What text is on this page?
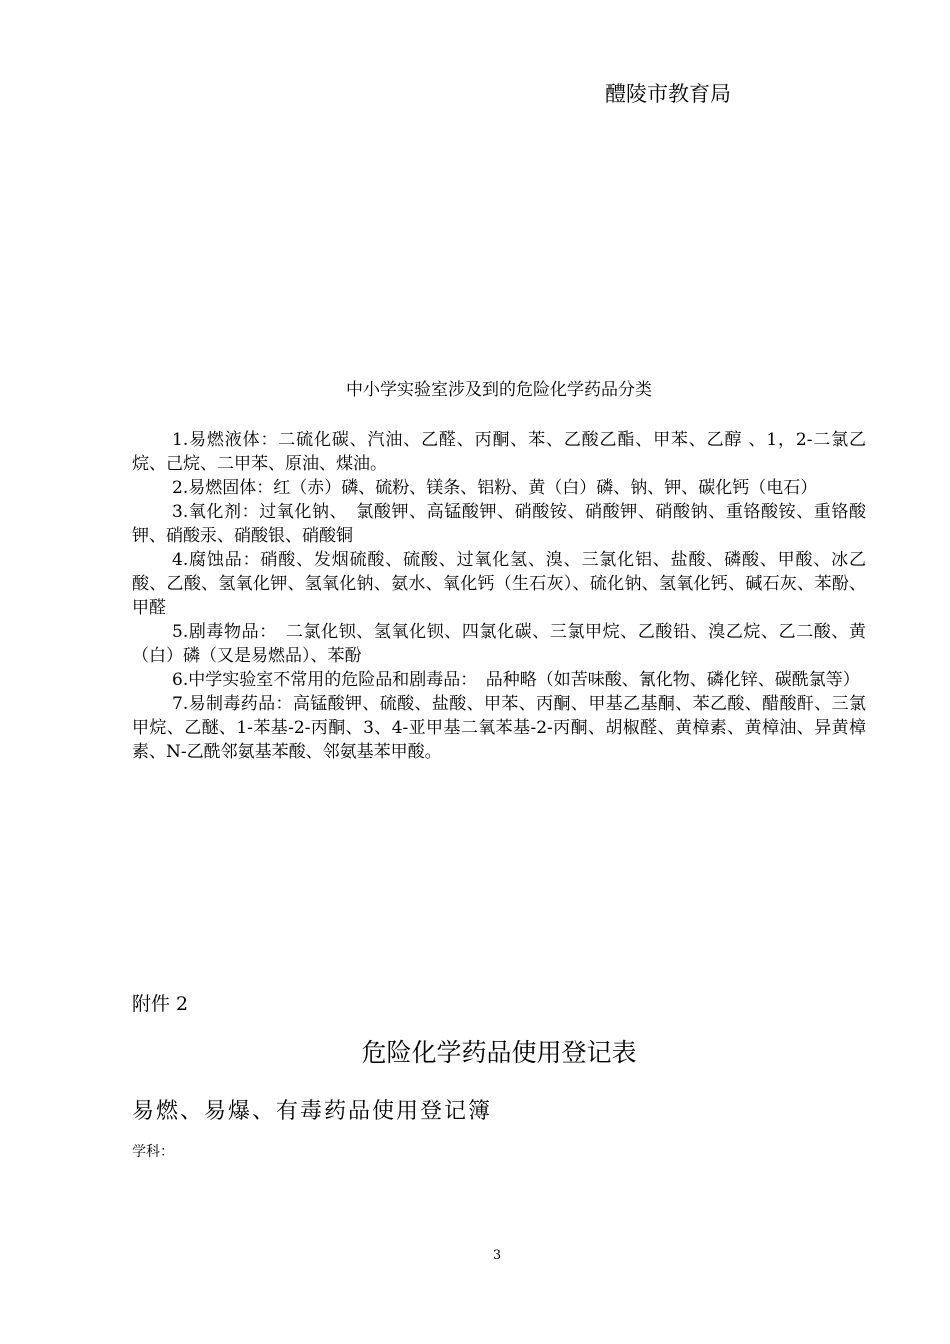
醴陵市教育局
中小学实验室涉及到的危险化学药品分类

1.易燃液体：二硫化碳、汽油、乙醛、丙酮、苯、乙酸乙酯、甲苯、乙醇 、1，2-二氯乙烷、己烷、二甲苯、原油、煤油。

2.易燃固体：红（赤）磷、硫粉、镁条、铝粉、黄（白）磷、钠、钾、碳化钙（电石）

3.氧化剂：过氧化钠、　氯酸钾、高锰酸钾、硝酸铵、硝酸钾、硝酸钠、重铬酸铵、重铬酸钾、硝酸汞、硝酸银、硝酸铜

4.腐蚀品：硝酸、发烟硫酸、硫酸、过氧化氢、溴、三氯化铝、盐酸、磷酸、甲酸、冰乙酸、乙酸、氢氧化钾、氢氧化钠、氨水、氧化钙（生石灰）、硫化钠、氢氧化钙、碱石灰、苯酚、甲醛

5.剧毒物品：　二氯化钡、氢氧化钡、四氯化碳、三氯甲烷、乙酸铅、溴乙烷、乙二酸、黄（白）磷（又是易燃品）、苯酚

6.中学实验室不常用的危险品和剧毒品：　品种略（如苦味酸、氰化物、磷化锌、碳酰氯等）

7.易制毒药品：高锰酸钾、硫酸、盐酸、甲苯、丙酮、甲基乙基酮、苯乙酸、醋酸酐、三氯甲烷、乙醚、1-苯基-2-丙酮、3、4-亚甲基二氧苯基-2-丙酮、胡椒醛、黄樟素、黄樟油、异黄樟素、N-乙酰邻氨基苯酸、邻氨基苯甲酸。

附件 2
危险化学药品使用登记表
易燃、易爆、有毒药品使用登记簿
学科：
3
